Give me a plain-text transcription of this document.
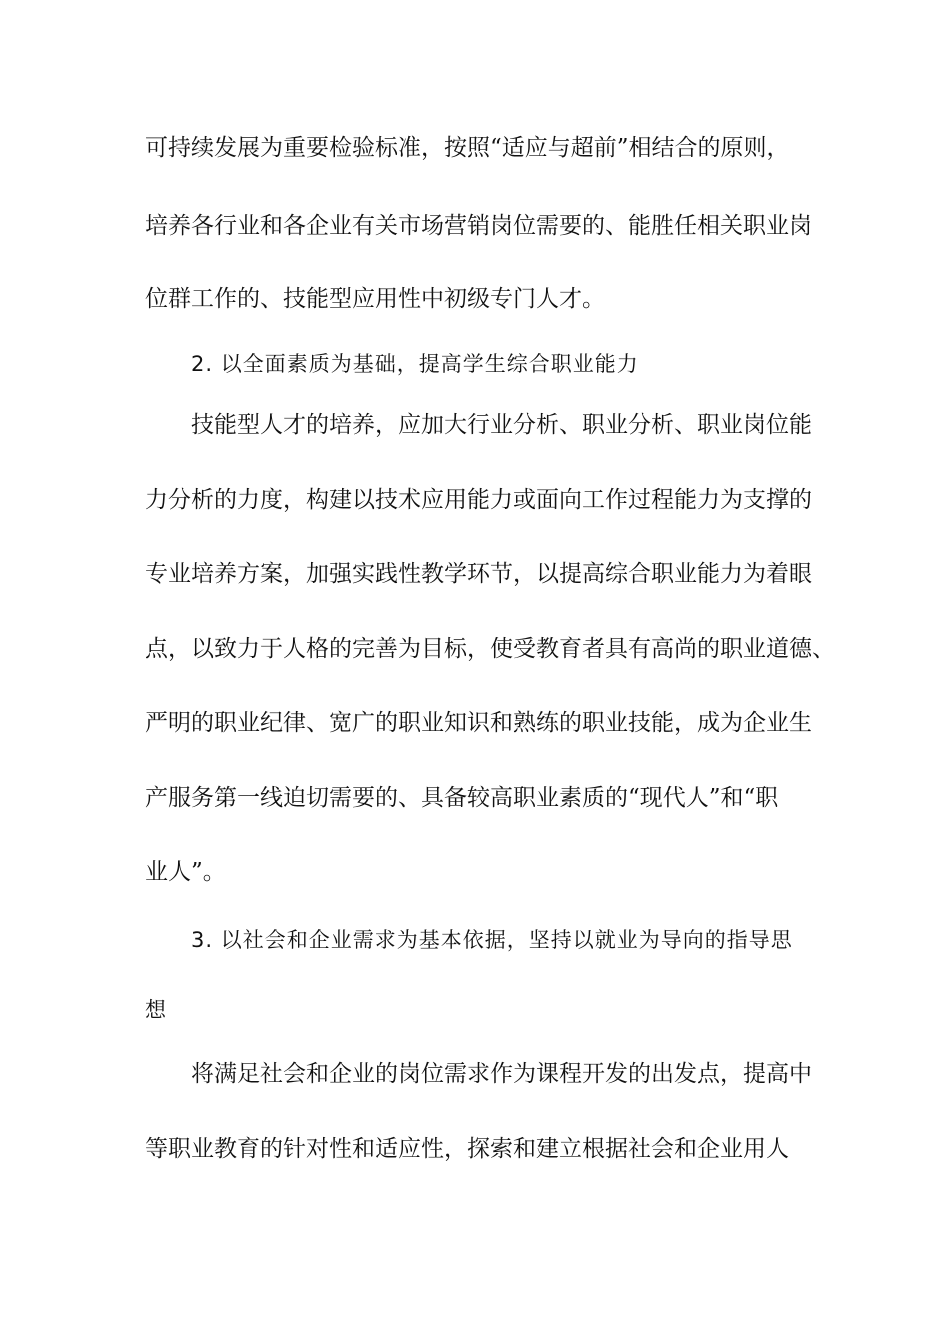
可持续发展为重要检验标准，按照“适应与超前”相结合的原则，
培养各行业和各企业有关市场营销岗位需要的、能胜任相关职业岗
位群工作的、技能型应用性中初级专门人才。
2. 以全面素质为基础，提高学生综合职业能力
技能型人才的培养，应加大行业分析、职业分析、职业岗位能
力分析的力度，构建以技术应用能力或面向工作过程能力为支撑的
专业培养方案，加强实践性教学环节，以提高综合职业能力为着眼
点，以致力于人格的完善为目标，使受教育者具有高尚的职业道德、
严明的职业纪律、宽广的职业知识和熟练的职业技能，成为企业生
产服务第一线迫切需要的、具备较高职业素质的“现代人”和“职
业人”。
3. 以社会和企业需求为基本依据，坚持以就业为导向的指导思
想
将满足社会和企业的岗位需求作为课程开发的出发点，提高中
等职业教育的针对性和适应性，探索和建立根据社会和企业用人
